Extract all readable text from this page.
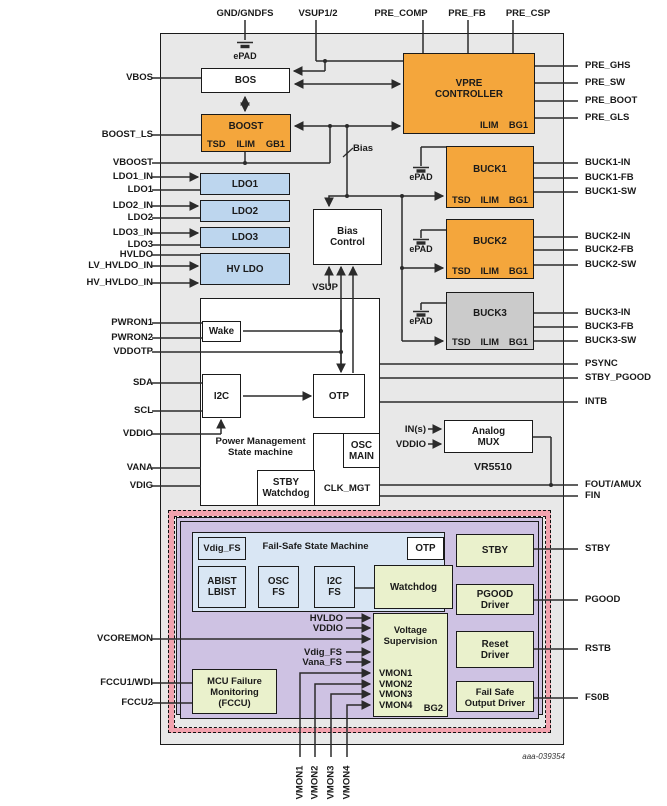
BOS
BOOST
TSD ILIM GB1
VPRE CONTROLLER
ILIM BG1
LDO1
LDO2
LDO3
HV LDO
Bias Control
BUCK1
TSD ILIM BG1
BUCK2
TSD ILIM BG1
BUCK3
TSD ILIM BG1
Wake
I2C	OTP
Power Management State machine
STBY Watchdog
OSC MAIN
CLK_MGT
Analog MUX
VR5510
Vdig_FS	Fail-Safe State Machine	OTP
ABIST LBIST
OSC FS
I2C FS	Watchdog
Voltage Supervision
VMON1
VMON2
VMON3
VMON4 BG2
MCU Failure Monitoring (FCCU)
STBY
PGOOD Driver
Reset Driver
Fail Safe Output Driver
Bias
VSUP
IN(s)
VDDIO
HVLDO
VDDIO
Vdig_FS
Vana_FS
ePAD
ePAD
ePAD
ePAD
GND/GNDFS	VSUP1/2	PRE_COMP	PRE_FB	PRE_CSP
VBOS
BOOST_LS
VBOOST
LDO1_IN
LDO1
LDO2_IN
LDO2
LDO3_IN
LDO3
HVLDO
LV_HVLDO_IN
HV_HVLDO_IN
PWRON1
PWRON2
VDDOTP
SDA
SCL
VDDIO
VANA
VDIG
VCOREMON
FCCU1/WDI
FCCU2
PRE_GHS
PRE_SW
PRE_BOOT
PRE_GLS
BUCK1-IN
BUCK1-FB
BUCK1-SW
BUCK2-IN
BUCK2-FB
BUCK2-SW
BUCK3-IN
BUCK3-FB
BUCK3-SW
PSYNC
STBY_PGOOD
INTB
FOUT/AMUX
FIN
STBY
PGOOD
RSTB
FS0B
VMON1 VMON2 VMON3 VMON4
aaa-039354
